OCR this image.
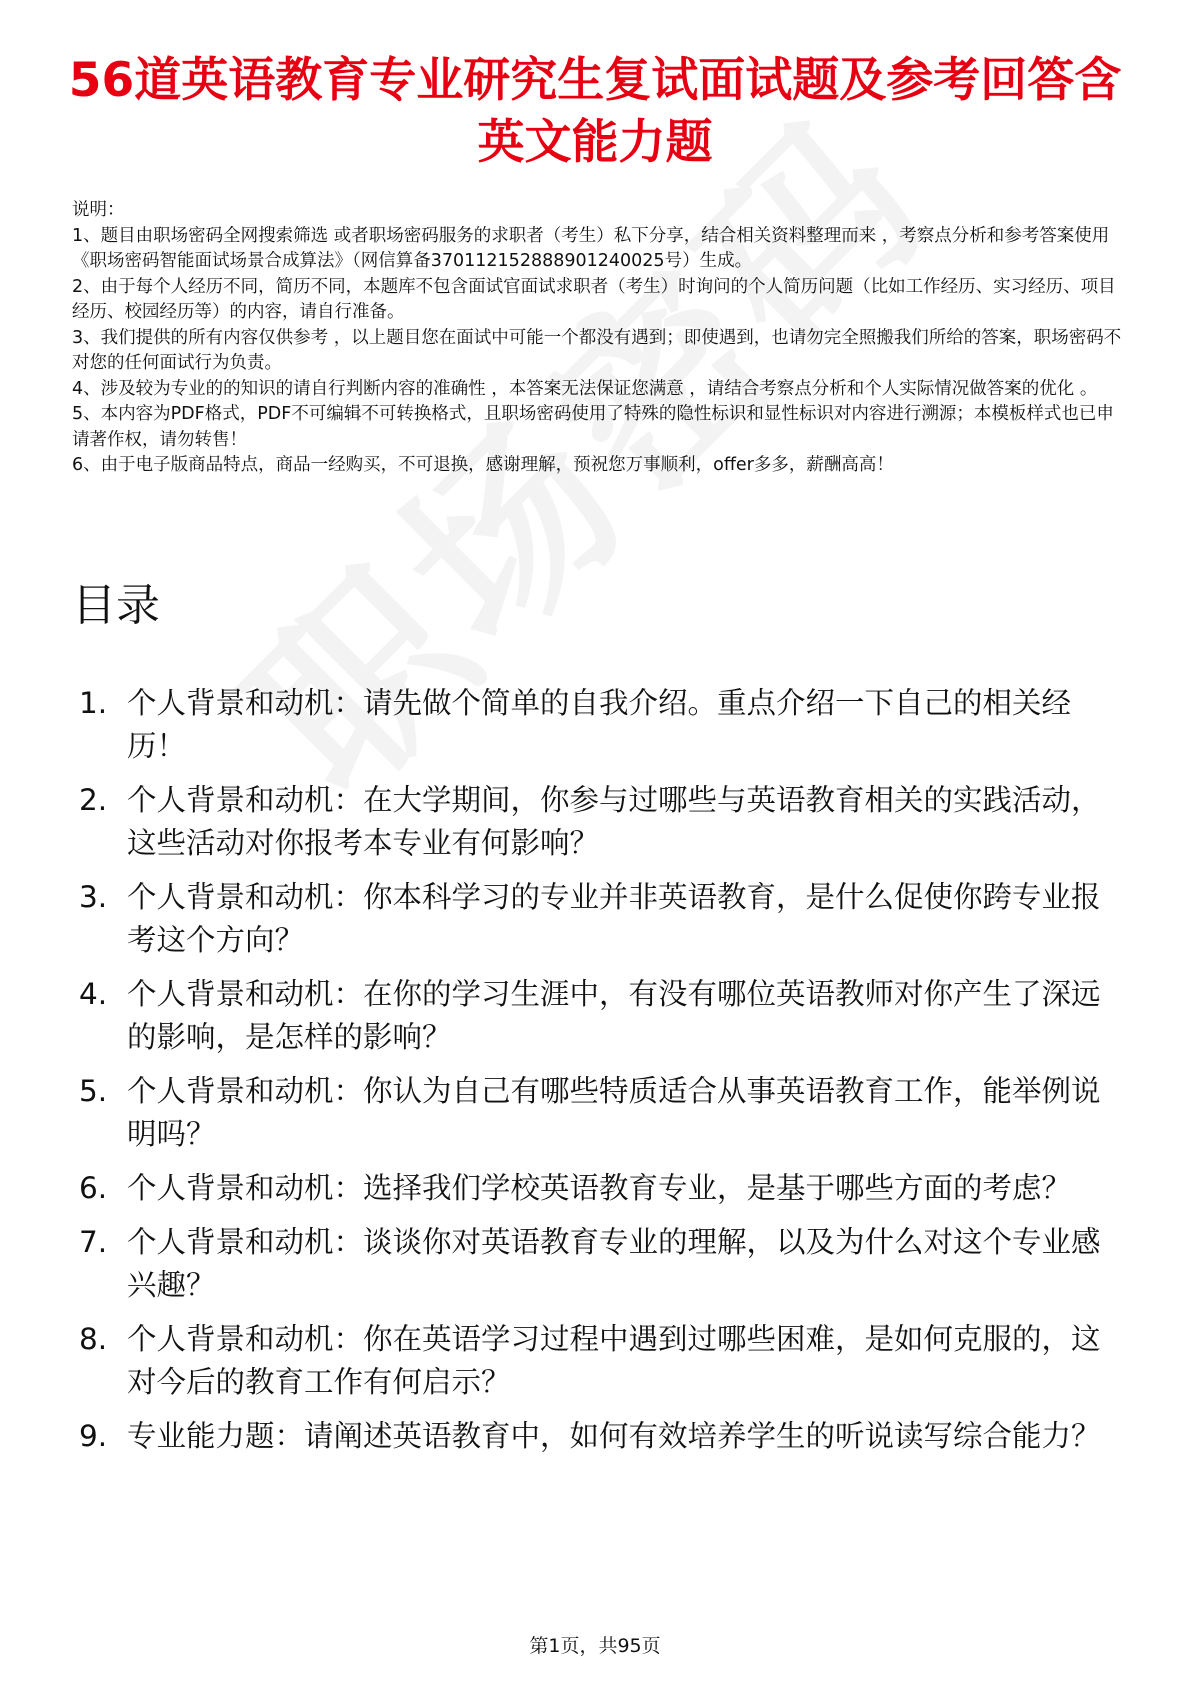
56道英语教育专业研究生复试面试题及参考回答含英文能力题

说明：

1、题目由职场密码全网搜索筛选 或者职场密码服务的求职者（考生）私下分享，结合相关资料整理而来 ，考察点分析和参考答案使用《职场密码智能面试场景合成算法》（网信算备370112152888901240025号）生成。

2、由于每个人经历不同，简历不同，本题库不包含面试官面试求职者（考生）时询问的个人简历问题（比如工作经历、实习经历、项目经历、校园经历等）的内容，请自行准备。

3、我们提供的所有内容仅供参考 ，以上题目您在面试中可能一个都没有遇到；即使遇到，也请勿完全照搬我们所给的答案，职场密码不对您的任何面试行为负责。

4、涉及较为专业的的知识的请自行判断内容的准确性 ，本答案无法保证您满意 ，请结合考察点分析和个人实际情况做答案的优化 。

5、本内容为PDF格式，PDF不可编辑不可转换格式，且职场密码使用了特殊的隐性标识和显性标识对内容进行溯源；本模板样式也已申请著作权，请勿转售！

6、由于电子版商品特点，商品一经购买，不可退换，感谢理解，预祝您万事顺利，offer多多，薪酬高高！

目录
1. 个人背景和动机：请先做个简单的自我介绍。重点介绍一下自己的相关经历！
2. 个人背景和动机：在大学期间，你参与过哪些与英语教育相关的实践活动，这些活动对你报考本专业有何影响？
3. 个人背景和动机：你本科学习的专业并非英语教育，是什么促使你跨专业报考这个方向？
4. 个人背景和动机：在你的学习生涯中，有没有哪位英语教师对你产生了深远的影响，是怎样的影响？
5. 个人背景和动机：你认为自己有哪些特质适合从事英语教育工作，能举例说明吗？
6. 个人背景和动机：选择我们学校英语教育专业，是基于哪些方面的考虑？
7. 个人背景和动机：谈谈你对英语教育专业的理解，以及为什么对这个专业感兴趣？
8. 个人背景和动机：你在英语学习过程中遇到过哪些困难，是如何克服的，这对今后的教育工作有何启示？
9. 专业能力题：请阐述英语教育中，如何有效培养学生的听说读写综合能力？
第1页，共95页
